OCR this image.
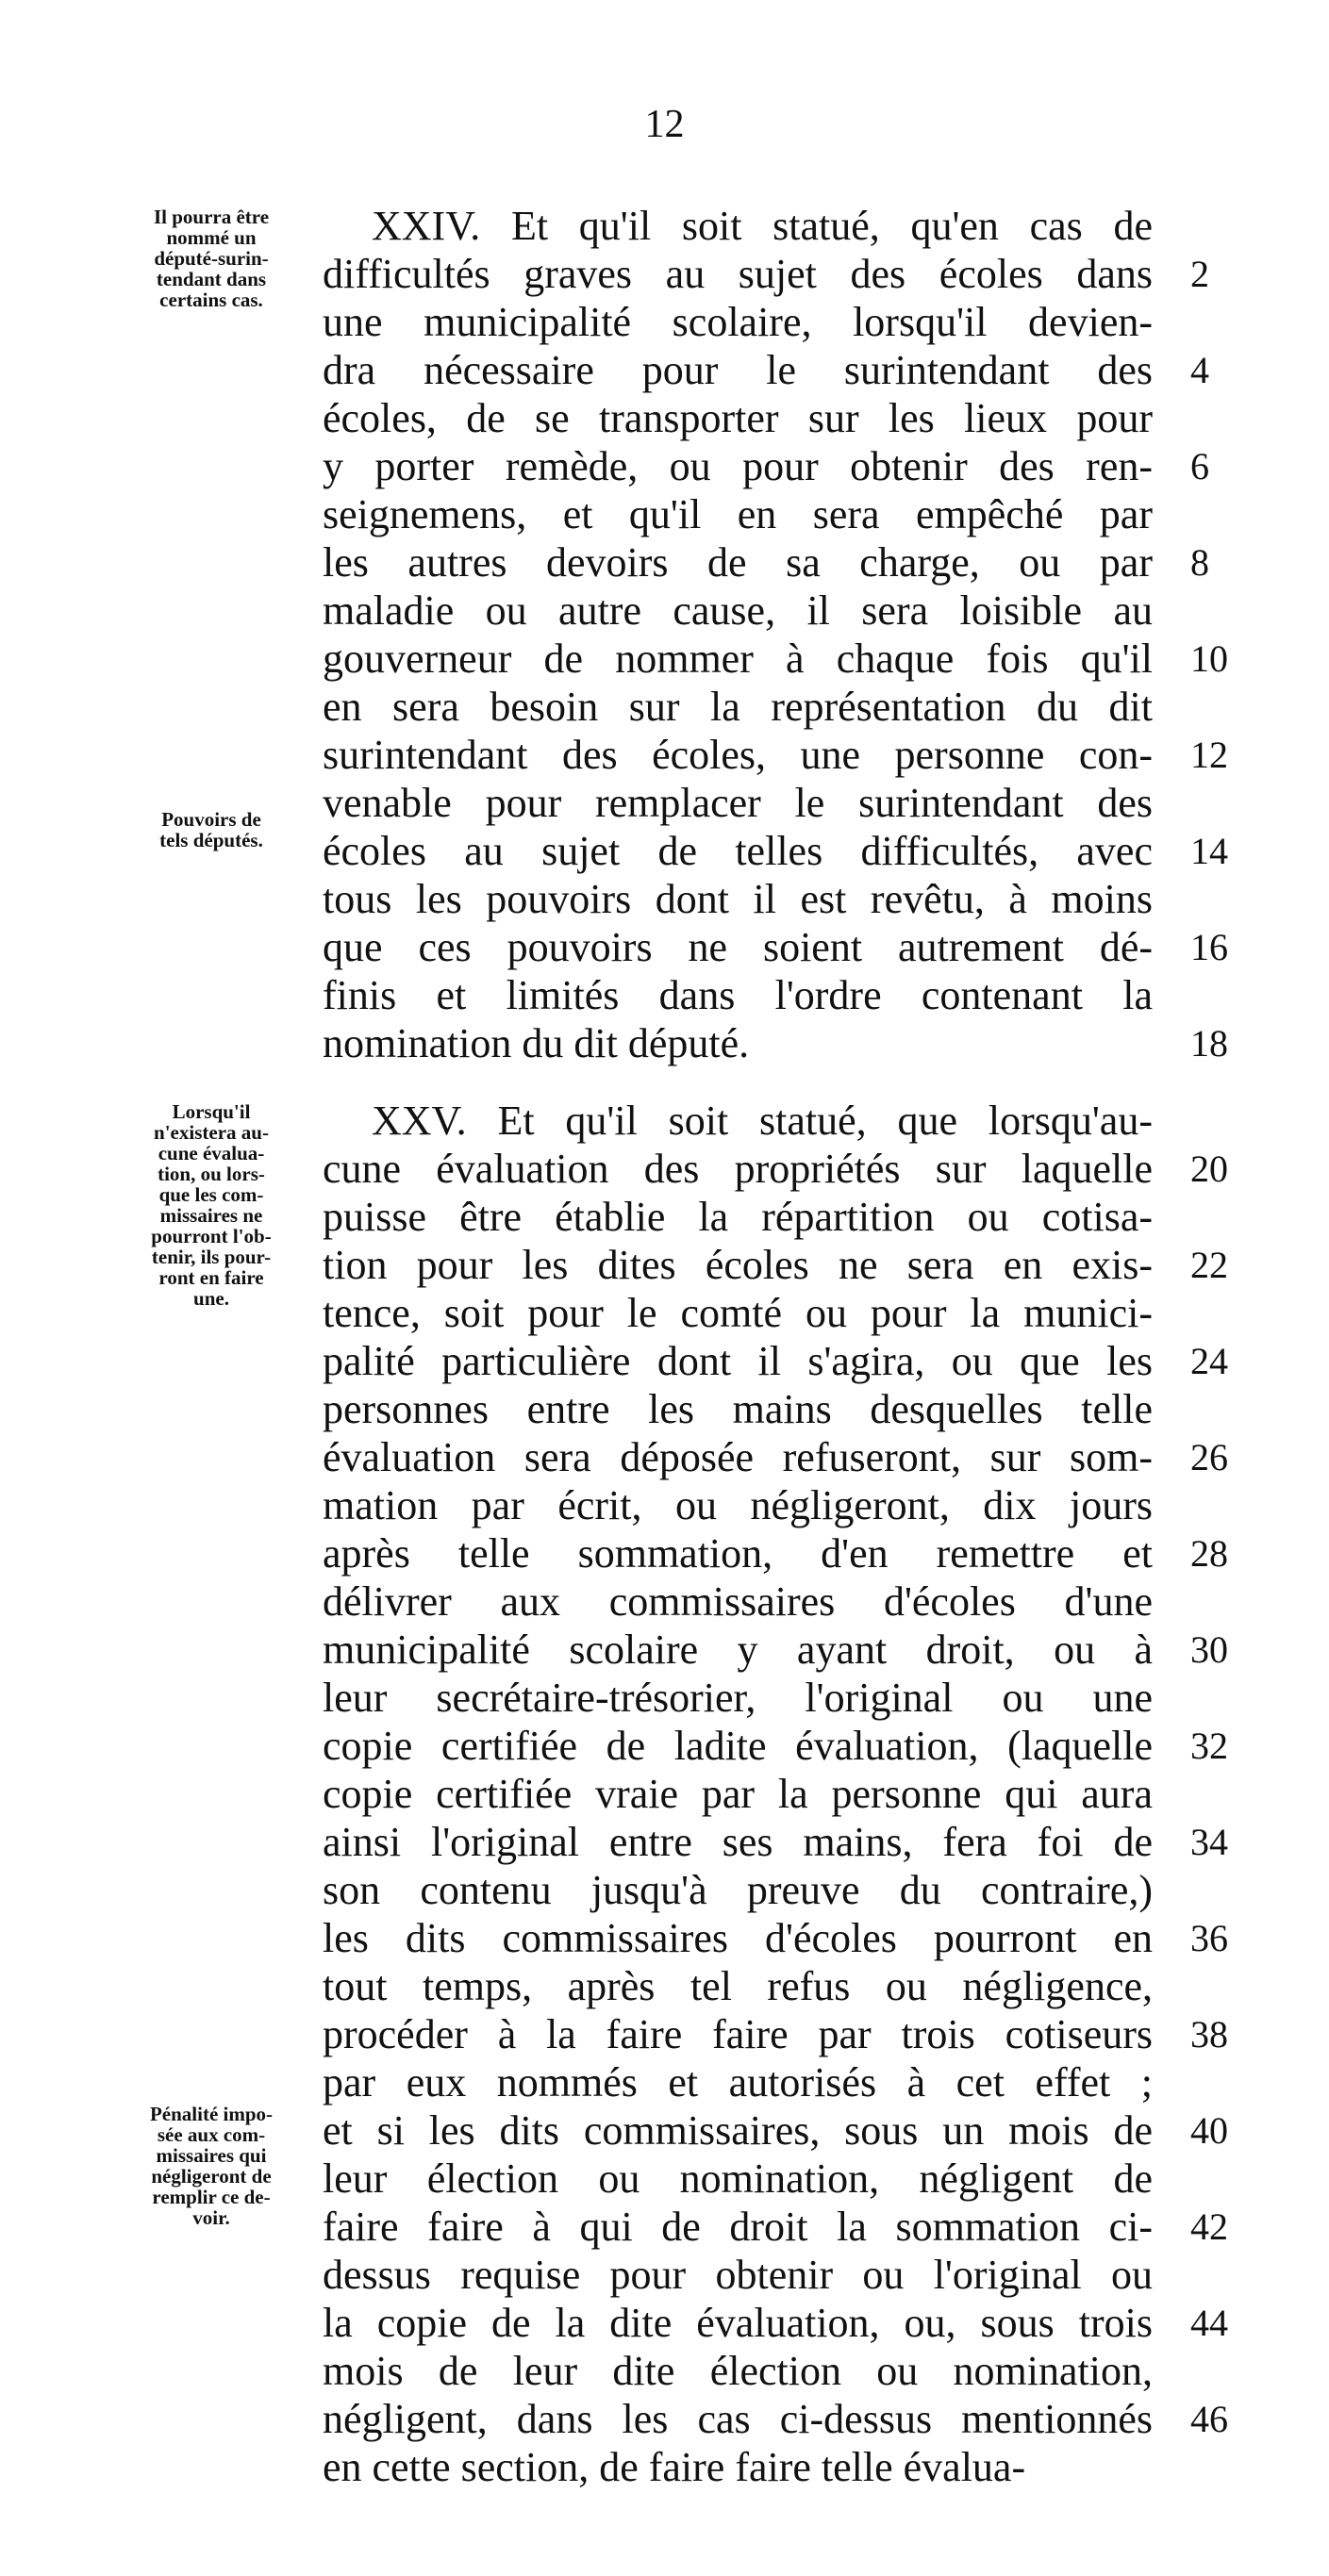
12
Il pourra être
nommé un
député-surin-
tendant dans
certains cas.
Pouvoirs de
tels députés.
Lorsqu'il
n'existera au-
cune évalua-
tion, ou lors-
que les com-
missaires ne
pourront l'ob-
tenir, ils pour-
ront en faire
une.
Pénalité impo-
sée aux com-
missaires qui
négligeront de
remplir ce de-
voir.
XXIV. Et qu'il soit statué, qu'en cas de
difficultés graves au sujet des écoles dans
une municipalité scolaire, lorsqu'il devien-
dra nécessaire pour le surintendant des
écoles, de se transporter sur les lieux pour
y porter remède, ou pour obtenir des ren-
seignemens, et qu'il en sera empêché par
les autres devoirs de sa charge, ou par
maladie ou autre cause, il sera loisible au
gouverneur de nommer à chaque fois qu'il
en sera besoin sur la représentation du dit
surintendant des écoles, une personne con-
venable pour remplacer le surintendant des
écoles au sujet de telles difficultés, avec
tous les pouvoirs dont il est revêtu, à moins
que ces pouvoirs ne soient autrement dé-
finis et limités dans l'ordre contenant la
nomination du dit député.
XXV. Et qu'il soit statué, que lorsqu'au-
cune évaluation des propriétés sur laquelle
puisse être établie la répartition ou cotisa-
tion pour les dites écoles ne sera en exis-
tence, soit pour le comté ou pour la munici-
palité particulière dont il s'agira, ou que les
personnes entre les mains desquelles telle
évaluation sera déposée refuseront, sur som-
mation par écrit, ou négligeront, dix jours
après telle sommation, d'en remettre et
délivrer aux commissaires d'écoles d'une
municipalité scolaire y ayant droit, ou à
leur secrétaire-trésorier, l'original ou une
copie certifiée de ladite évaluation, (laquelle
copie certifiée vraie par la personne qui aura
ainsi l'original entre ses mains, fera foi de
son contenu jusqu'à preuve du contraire,)
les dits commissaires d'écoles pourront en
tout temps, après tel refus ou négligence,
procéder à la faire faire par trois cotiseurs
par eux nommés et autorisés à cet effet ;
et si les dits commissaires, sous un mois de
leur élection ou nomination, négligent de
faire faire à qui de droit la sommation ci-
dessus requise pour obtenir ou l'original ou
la copie de la dite évaluation, ou, sous trois
mois de leur dite élection ou nomination,
négligent, dans les cas ci-dessus mentionnés
en cette section, de faire faire telle évalua-
2
4
6
8
10
12
14
16
18
20
22
24
26
28
30
32
34
36
38
40
42
44
46
